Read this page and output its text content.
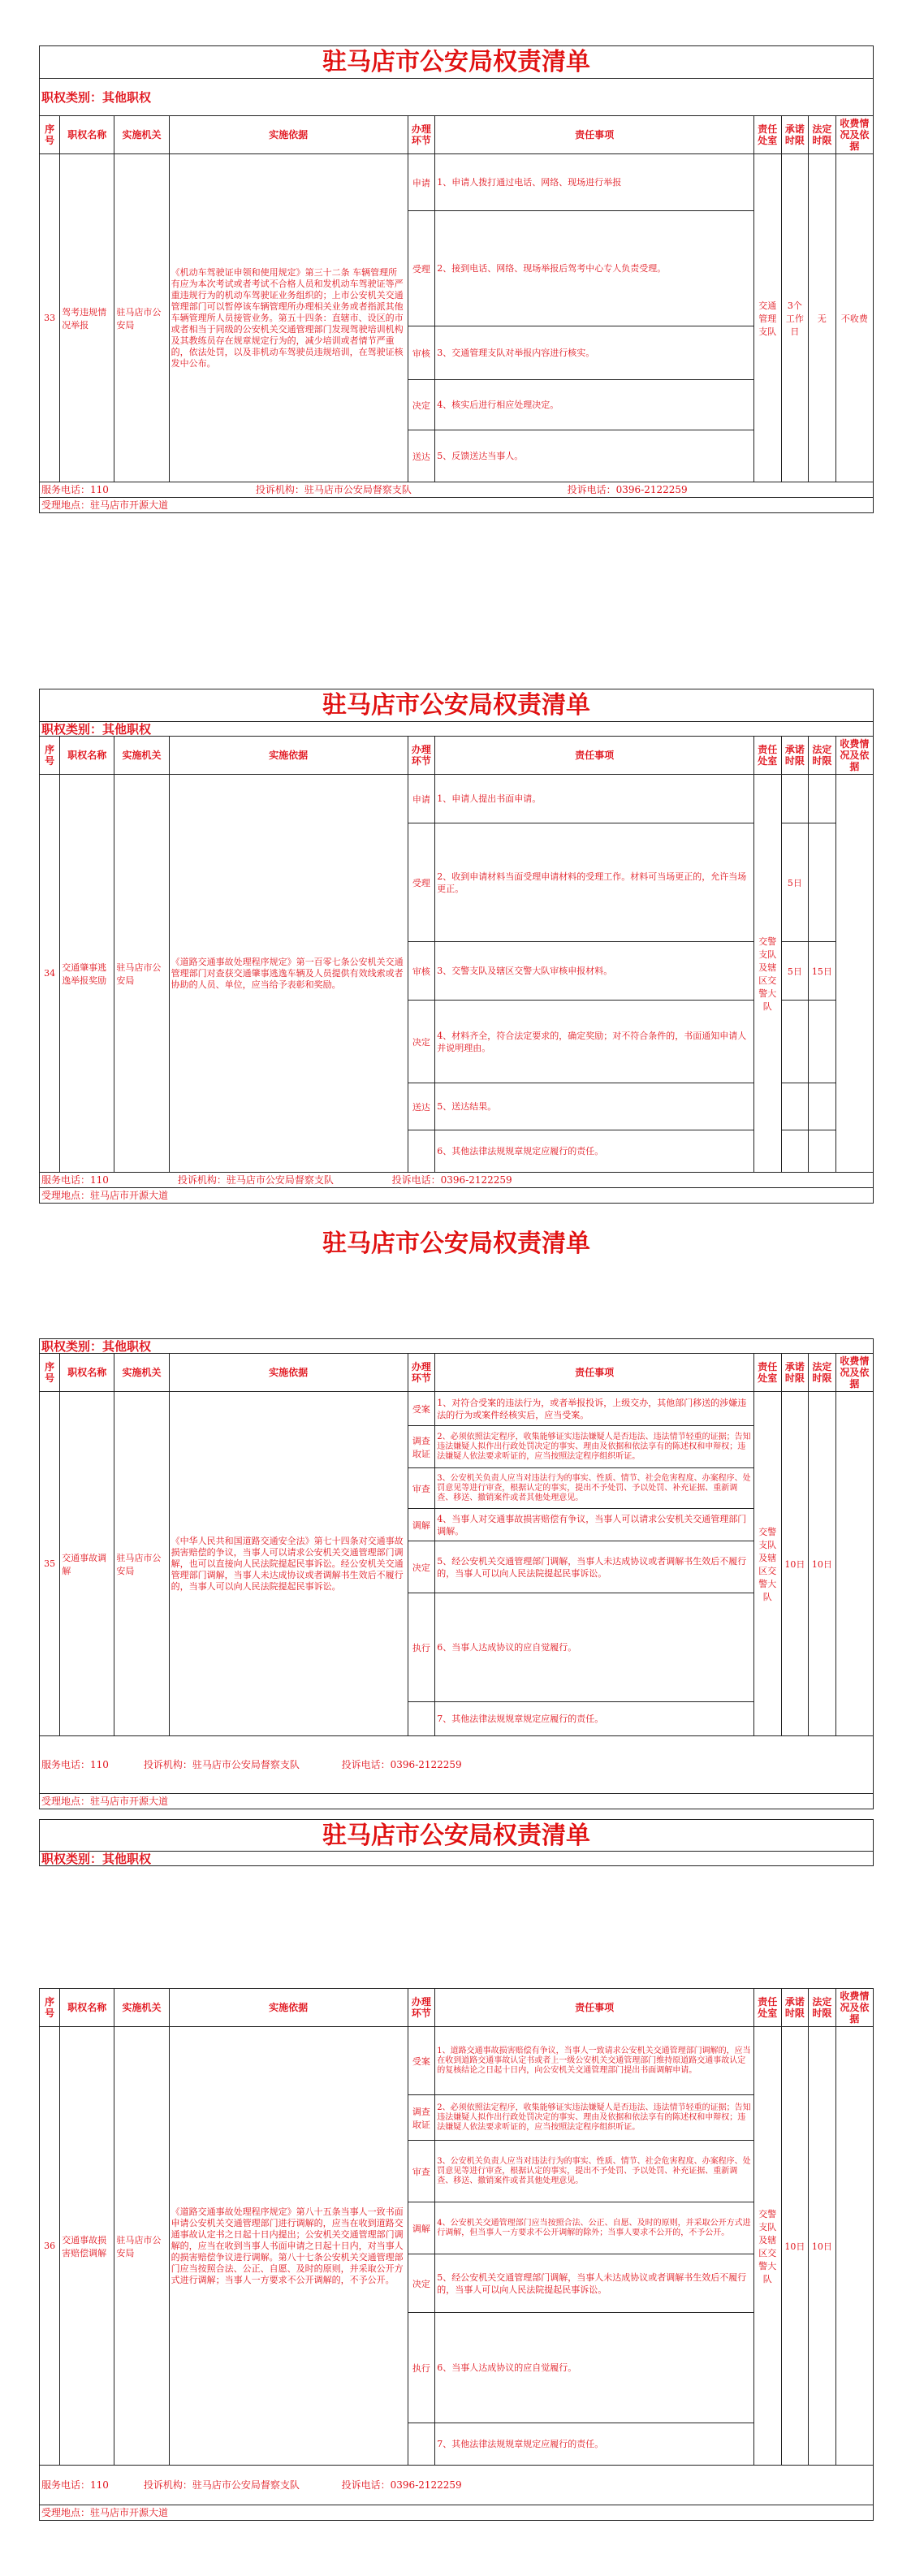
驻马店市公安局权责清单
职权类别：其他职权
序号	职权名称	实施机关	实施依据	办理环节	责任事项	责任处室	承诺时限	法定时限	收费情况及依据
33	驾考违规情况举报	驻马店市公安局	《机动车驾驶证申领和使用规定》第三十二条 车辆管理所有应为本次考试或者考试不合格人员和发机动车驾驶证等严重违规行为的机动车驾驶证业务组织的；上市公安机关交通管理部门可以暂停该车辆管理所办理相关业务或者指派其他车辆管理所人员接管业务。第五十四条：直辖市、设区的市或者相当于同级的公安机关交通管理部门发现驾驶培训机构及其教练员存在规章规定行为的，减少培训或者情节严重的，依法处罚，以及非机动车驾驶员违规培训，在驾驶证核发中公布。	申请	1、申请人拨打通过电话、网络、现场进行举报	交通管理支队	3个工作日	无	不收费
				受理	2、接到电话、网络、现场举报后驾考中心专人负责受理。				
				审核	3、交通管理支队对举报内容进行核实。				
				决定	4、核实后进行相应处理决定。				
				送达	5、反馈送达当事人。				
服务电话：110	投诉机构：驻马店市公安局督察支队	投诉电话：0396-2122259
受理地点：驻马店市开源大道
驻马店市公安局权责清单
职权类别：其他职权
序号	职权名称	实施机关	实施依据	办理环节	责任事项	责任处室	承诺时限	法定时限	收费情况及依据
34	交通肇事逃逸举报奖励	驻马店市公安局	《道路交通事故处理程序规定》第一百零七条公安机关交通管理部门对查获交通肇事逃逸车辆及人员提供有效线索或者协助的人员、单位，应当给予表彰和奖励。	申请	1、申请人提出书面申请。	交警支队及辖区交警大队			
				受理	2、收到申请材料当面受理申请材料的受理工作。材料可当场更正的，允许当场更正。		5日		
				审核	3、交警支队及辖区交警大队审核申报材料。		5日	15日	
				决定	4、材料齐全，符合法定要求的，确定奖励；对不符合条件的，书面通知申请人并说明理由。				
				送达	5、送达结果。				
					6、其他法律法规规章规定应履行的责任。				
服务电话：110	投诉机构：驻马店市公安局督察支队	投诉电话：0396-2122259
受理地点：驻马店市开源大道
驻马店市公安局权责清单
职权类别：其他职权
序号	职权名称	实施机关	实施依据	办理环节	责任事项	责任处室	承诺时限	法定时限	收费情况及依据
35	交通事故调解	驻马店市公安局	《中华人民共和国道路交通安全法》第七十四条对交通事故损害赔偿的争议，当事人可以请求公安机关交通管理部门调解，也可以直接向人民法院提起民事诉讼。经公安机关交通管理部门调解，当事人未达成协议或者调解书生效后不履行的，当事人可以向人民法院提起民事诉讼。	受案	1、对符合受案的违法行为，或者举报投诉，上级交办，其他部门移送的涉嫌违法的行为或案件经核实后，应当受案。	交警支队及辖区交警大队	10日	10日	
				调查取证	2、必须依照法定程序，收集能够证实违法嫌疑人是否违法、违法情节轻重的证据；告知违法嫌疑人拟作出行政处罚决定的事实、理由及依据和依法享有的陈述权和申辩权；违法嫌疑人依法要求听证的，应当按照法定程序组织听证。				
				审查	3、公安机关负责人应当对违法行为的事实、性质、情节、社会危害程度、办案程序、处罚意见等进行审查，根据认定的事实，提出不予处罚、予以处罚、补充证据、重新调查、移送、撤销案件或者其他处理意见。				
				调解	4、当事人对交通事故损害赔偿有争议，当事人可以请求公安机关交通管理部门调解。				
				决定	5、经公安机关交通管理部门调解，当事人未达成协议或者调解书生效后不履行的，当事人可以向人民法院提起民事诉讼。				
				执行	6、当事人达成协议的应自觉履行。				
					7、其他法律法规规章规定应履行的责任。				
服务电话：110	投诉机构：驻马店市公安局督察支队	投诉电话：0396-2122259
受理地点：驻马店市开源大道
驻马店市公安局权责清单
职权类别：其他职权
序号	职权名称	实施机关	实施依据	办理环节	责任事项	责任处室	承诺时限	法定时限	收费情况及依据
36	交通事故损害赔偿调解	驻马店市公安局	《道路交通事故处理程序规定》第八十五条当事人一致书面申请公安机关交通管理部门进行调解的，应当在收到道路交通事故认定书之日起十日内提出；公安机关交通管理部门调解的，应当在收到当事人书面申请之日起十日内，对当事人的损害赔偿争议进行调解。第八十七条公安机关交通管理部门应当按照合法、公正、自愿、及时的原则，并采取公开方式进行调解；当事人一方要求不公开调解的，不予公开。	受案	1、道路交通事故损害赔偿有争议，当事人一致请求公安机关交通管理部门调解的，应当在收到道路交通事故认定书或者上一级公安机关交通管理部门维持原道路交通事故认定的复核结论之日起十日内，向公安机关交通管理部门提出书面调解申请。	交警支队及辖区交警大队	10日	10日	
				调查取证	2、必须依照法定程序，收集能够证实违法嫌疑人是否违法、违法情节轻重的证据；告知违法嫌疑人拟作出行政处罚决定的事实、理由及依据和依法享有的陈述权和申辩权；违法嫌疑人依法要求听证的，应当按照法定程序组织听证。				
				审查	3、公安机关负责人应当对违法行为的事实、性质、情节、社会危害程度、办案程序、处罚意见等进行审查，根据认定的事实，提出不予处罚、予以处罚、补充证据、重新调查、移送、撤销案件或者其他处理意见。				
				调解	4、公安机关交通管理部门应当按照合法、公正、自愿、及时的原则，并采取公开方式进行调解，但当事人一方要求不公开调解的除外；当事人要求不公开的，不予公开。				
				决定	5、经公安机关交通管理部门调解，当事人未达成协议或者调解书生效后不履行的，当事人可以向人民法院提起民事诉讼。				
				执行	6、当事人达成协议的应自觉履行。				
					7、其他法律法规规章规定应履行的责任。				
服务电话：110	投诉机构：驻马店市公安局督察支队	投诉电话：0396-2122259
受理地点：驻马店市开源大道
